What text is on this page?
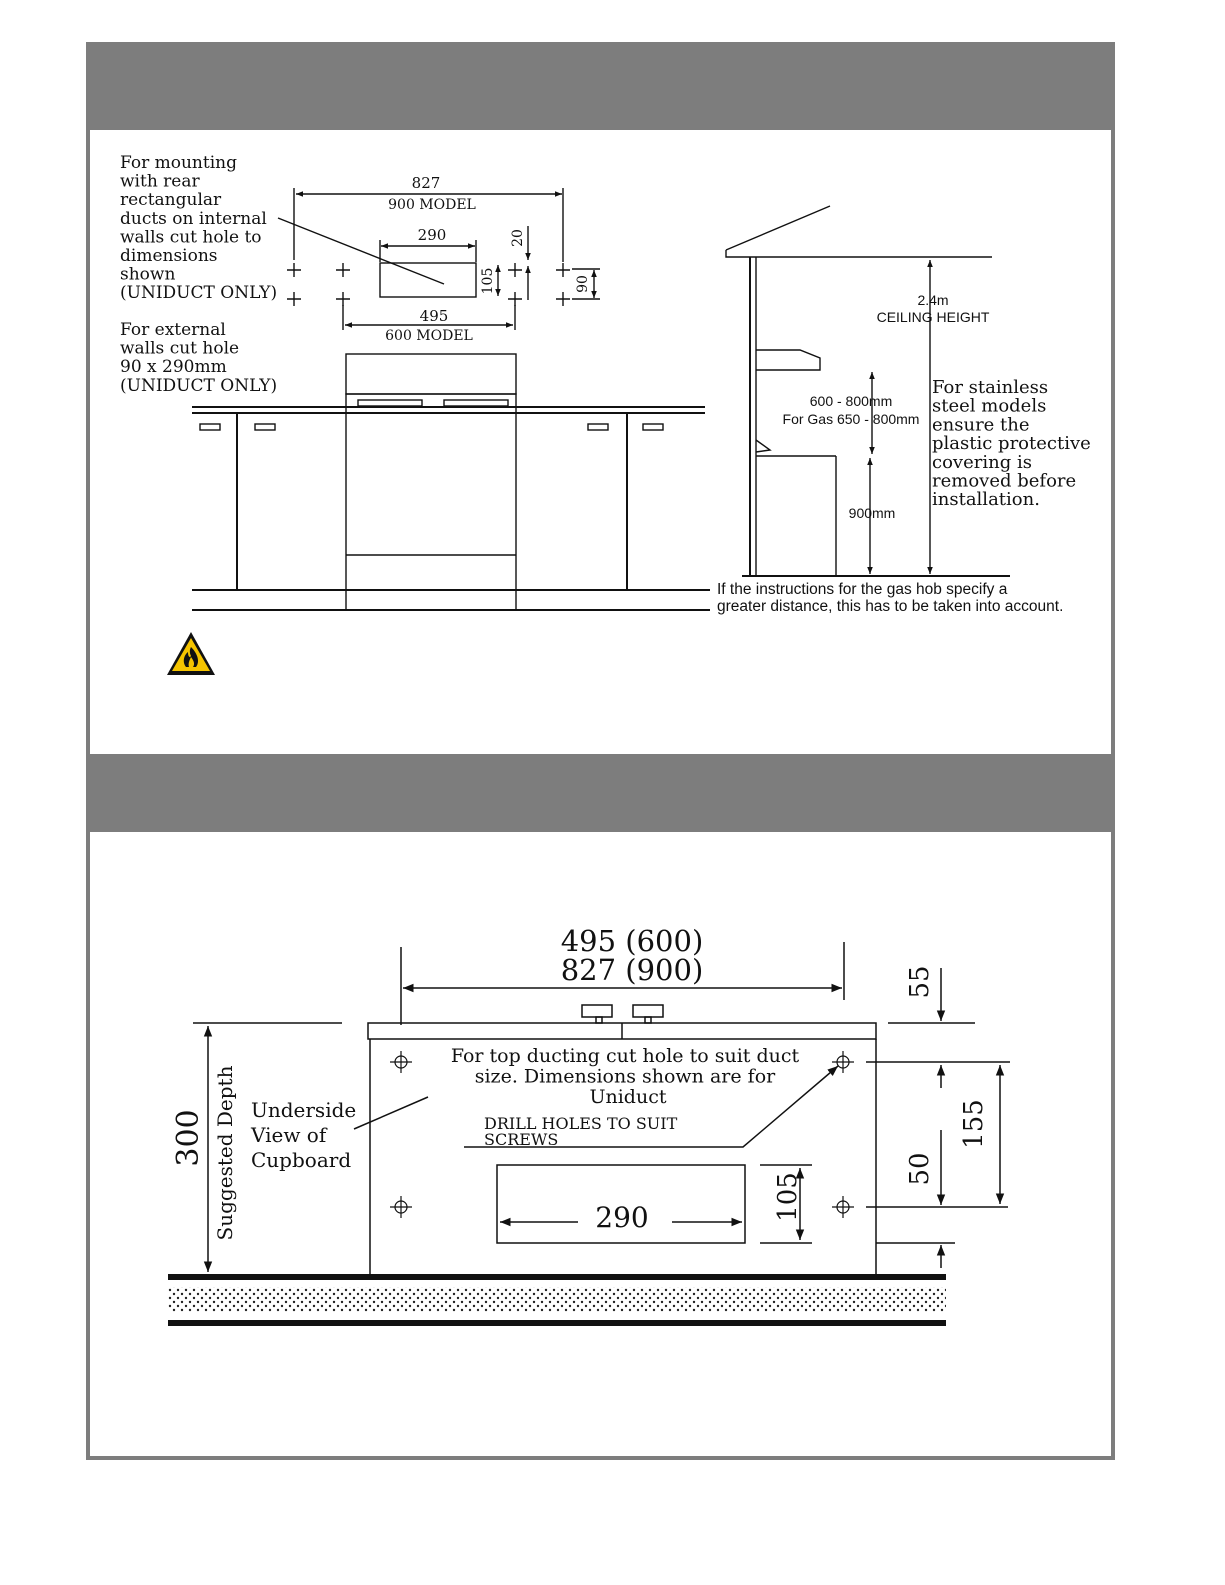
For mounting with rear rectangular ducts on internal walls cut hole to dimensions shown (UNIDUCT ONLY)
For external walls cut hole 90 x 290mm (UNIDUCT ONLY)
827
900 MODEL
290
105
20
90
495
600 MODEL
2.4m
CEILING HEIGHT
600 - 800mm
For Gas 650 - 800mm
900mm
For stainless steel models ensure the plastic protective covering is removed before installation.
If the instructions for the gas hob specify a greater distance, this has to be taken into account.
495 (600)
827 (900)	55
300 Suggested Depth Underside View of Cupboard
For top ducting cut hole to suit duct size. Dimensions shown are for Uniduct
DRILL HOLES TO SUIT SCREWS
290	105
50
155
